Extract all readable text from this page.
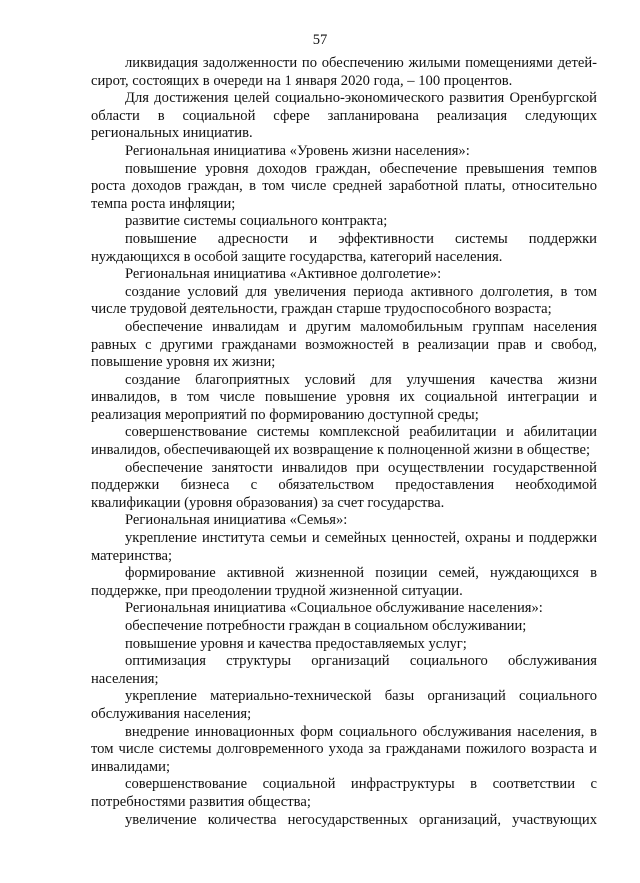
57

ликвидация задолженности по обеспечению жилыми помещениями детей-сирот, состоящих в очереди на 1 января 2020 года, – 100 процентов.

Для достижения целей социально-экономического развития Оренбургской области в социальной сфере запланирована реализация следующих региональных инициатив.

Региональная инициатива «Уровень жизни населения»:

повышение уровня доходов граждан, обеспечение превышения темпов роста доходов граждан, в том числе средней заработной платы, относительно темпа роста инфляции;

развитие системы социального контракта;

повышение адресности и эффективности системы поддержки нуждающихся в особой защите государства, категорий населения.

Региональная инициатива «Активное долголетие»:

создание условий для увеличения периода активного долголетия, в том числе трудовой деятельности, граждан старше трудоспособного возраста;

обеспечение инвалидам и другим маломобильным группам населения равных с другими гражданами возможностей в реализации прав и свобод, повышение уровня их жизни;

создание благоприятных условий для улучшения качества жизни инвалидов, в том числе повышение уровня их социальной интеграции и реализация мероприятий по формированию доступной среды;

совершенствование системы комплексной реабилитации и абилитации инвалидов, обеспечивающей их возвращение к полноценной жизни в обществе;

обеспечение занятости инвалидов при осуществлении государственной поддержки бизнеса с обязательством предоставления необходимой квалификации (уровня образования) за счет государства.

Региональная инициатива «Семья»:

укрепление института семьи и семейных ценностей, охраны и поддержки материнства;

формирование активной жизненной позиции семей, нуждающихся в поддержке, при преодолении трудной жизненной ситуации.

Региональная инициатива «Социальное обслуживание населения»:

обеспечение потребности граждан в социальном обслуживании;

повышение уровня и качества предоставляемых услуг;

оптимизация структуры организаций социального обслуживания населения;

укрепление материально-технической базы организаций социального обслуживания населения;

внедрение инновационных форм социального обслуживания населения, в том числе системы долговременного ухода за гражданами пожилого возраста и инвалидами;

совершенствование социальной инфраструктуры в соответствии с потребностями развития общества;

увеличение количества негосударственных организаций, участвующих
